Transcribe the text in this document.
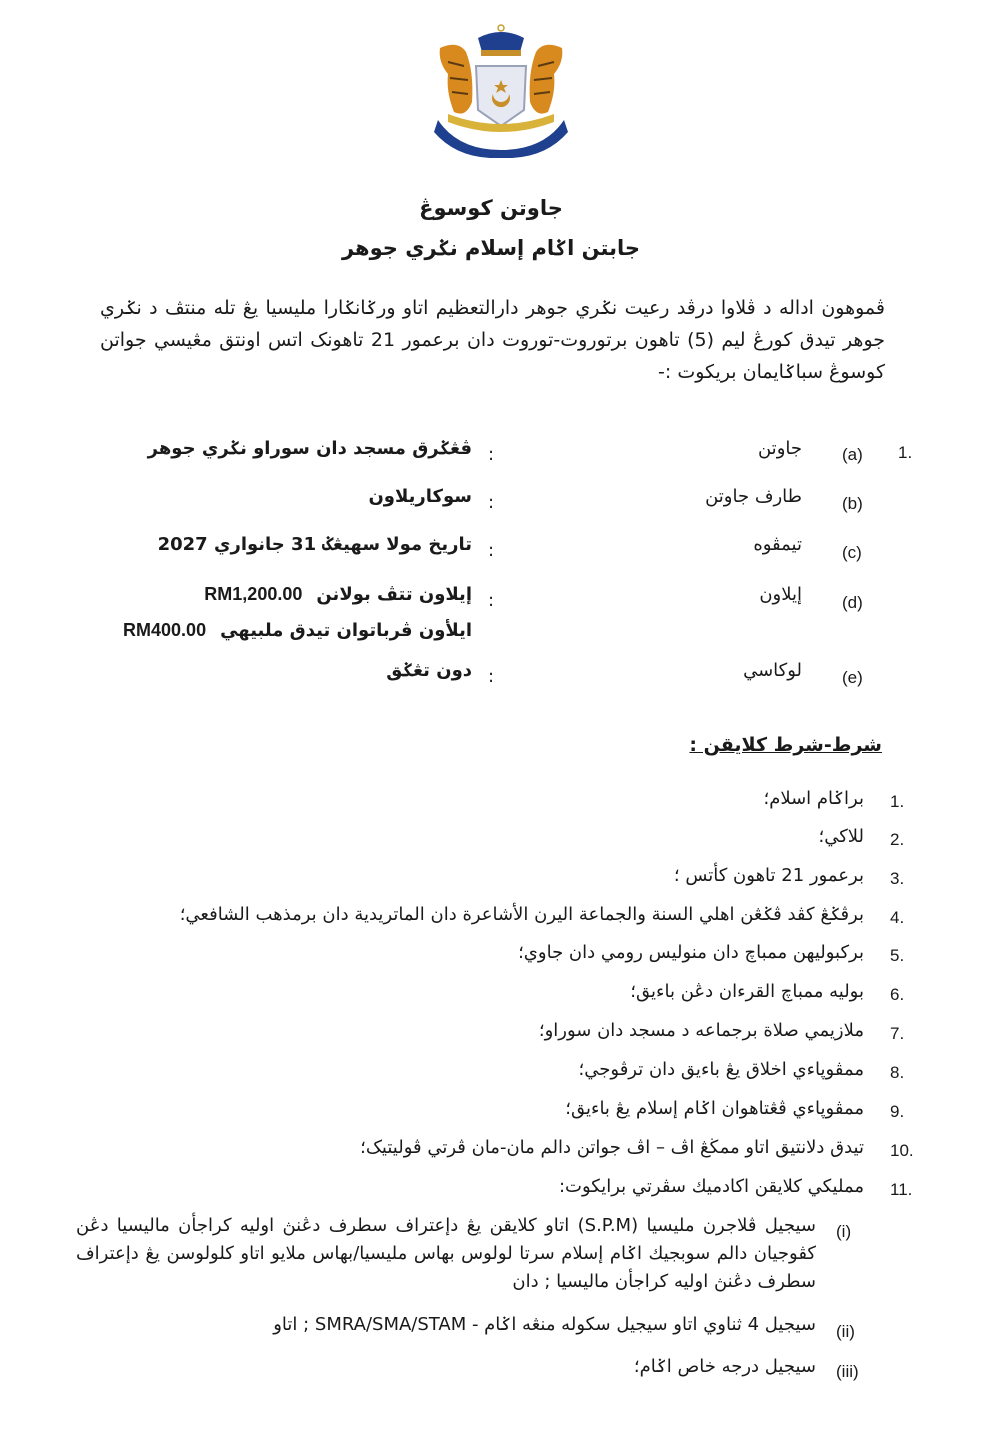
جاوتن كوسوڠ
جابتن اݢام إسلام نݢري جوهر
ڤموهون اداله د ڤلاوا درڤد رعيت نݢري جوهر دارالتعظيم اتاو ورݢانݢارا مليسيا يڠ تله منتڤ د نݢري جوهر تيدق كورڠ ليم (5) تاهون برتوروت-توروت دان برعمور 21 تاهونک اتس اونتق مڠيسي جواتن كوسوڠ سباݢايمان بريكوت :-
1.
(a)
جاوتن
:
ڤڠݢرق مسجد دان سوراو نݢري جوهر
(b)
طارف جاوتن
:
سوكاريلاون
(c)
تيمڤوه
:
تاريخ مولا سهيڠݢ 31 جانواري 2027
(d)
إيلاون
:
إيلاون تتڤ بولاننRM1,200.00
ايلأون ڤرباتوان تيدق ملبيهيRM400.00
(e)
لوكاسي
:
دون تڠݢق
شرط-شرط كلايقن :
1.
براݢام اسلام؛
2.
للاكي؛
3.
برعمور 21 تاهون كأتس ؛
4.
برڤݢڠ كڤد ڤݢڠن اهلي السنة والجماعة اليرن الأشاعرة دان الماتريدية دان برمذهب الشافعي؛
5.
بركبوليهن ممباچ دان منوليس رومي دان جاوي؛
6.
بوليه ممباچ القرءان دڠن باءيق؛
7.
ملازيمي صلاة برجماعه د مسجد دان سوراو؛
8.
ممڤوڽاءي اخلاق يڠ باءيق دان ترڤوجي؛
9.
ممڤوڽاءي ڤڠتاهوان اݢام إسلام يڠ باءيق؛
10.
تيدق دلانتيق اتاو ممڬڠ اڤ – اڤ جواتن دالم مان-مان ڤرتي ڤوليتيک؛
11.
ممليكي كلايقن اكادميك سڤرتي برايكوت:
(i)
سيجيل ڤلاجرن مليسيا (S.P.M) اتاو كلايقن يڠ دإعتراف سطرف دڠنڽ اوليه كراجأن ماليسيا دڠن كڤوجيان دالم سوبجيك اݢام إسلام سرتا لولوس بهاس مليسيا/بهاس ملايو اتاو كلولوسن يڠ دإعتراف سطرف دڠنڽ اوليه كراجأن ماليسيا ; دان
(ii)
سيجيل 4 ثناوي اتاو سيجيل سكوله منڠه اݢام - SMRA/SMA/STAM ; اتاو
(iii)
سيجيل درجه خاص اݢام؛
